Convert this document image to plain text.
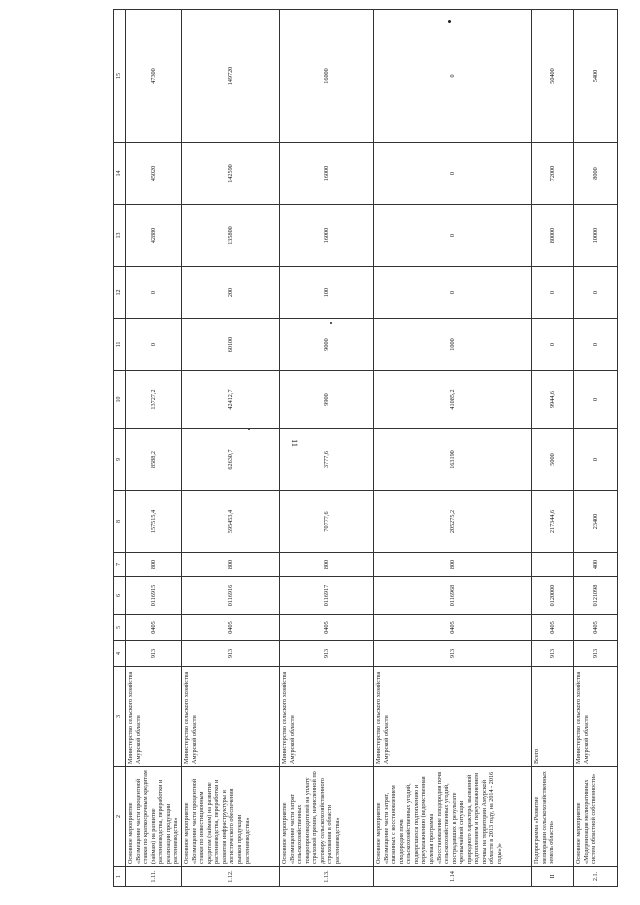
11
1	2	3	4	5	6	7	8	9	10	11	12	13	14	15
1.11.	Основное мероприятие «Возмещение части процентной ставки по краткосрочным кредитам (займам) на развитие растениеводства, переработки и реализации продукции растениеводства»	Министерство сельского хозяйства Амурской области	913	0405	0116915	800	157515,4	8588,2	13727,2	0	0	42880	45020	47300
1.12.	Основное мероприятие «Возмещение части процентной ставки по инвестиционным кредитам (займам) на развитие растениеводства, переработки и развития инфраструктуры и логистического обеспечения рынков продукции растениеводства»	Министерство сельского хозяйства Амурской области	913	0405	0116916	800	595453,4	62630,7	42412,7	60100	200	135800	142590	149720
1.13.	Основное мероприятие «Возмещение части затрат сельскохозяйственных товаропроизводителей на уплату страховой премии, начисленной по договору сельскохозяйственного страхования в области растениеводства»	Министерство сельского хозяйства Амурской области	913	0405	0116917	800	70777,6	3777,6	9900	9000	100	16000	16000	16000
1.14	Основное мероприятие «Возмещение части затрат, связанных с восстановлением плодородия почв сельскохозяйственных угодий, подвергшихся подтоплению и переувлажнению (ведомственная целевая программа «Восстановление плодородия почв сельскохозяйственных угодий, пострадавших в результате чрезвычайной ситуации природного характера, вызванной подтоплением и переувлажнением почвы на территории Амурской области в 2013 году, на 2014 - 2016 годы»)»	Министерство сельского хозяйства Амурской области	913	0405	0116968	800	205275,2	163190	41085,2	1000	0	0	0	0
II	Подпрограмма «Развитие мелиорации сельскохозяйственных земель области»	Всего	913	0405	0120000		217344,6	5000	9944,6	0	0	80000	72000	50400
2.1.	Основное мероприятие «Модернизация мелиоративных систем областной собственности»	Министерство сельского хозяйства Амурской области	913	0405	0121098	400	23400	0	0	0	0	10000	8000	5400
